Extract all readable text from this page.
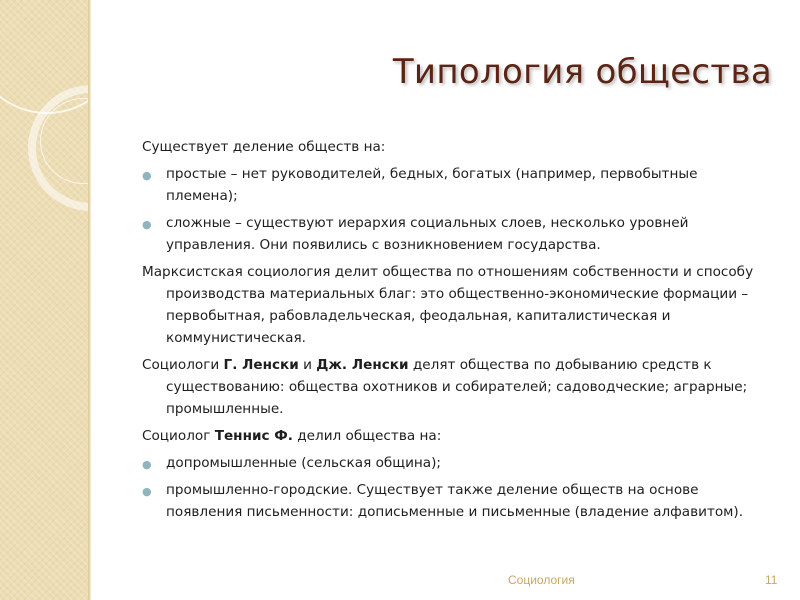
Типология общества

Существует деление обществ на:

● простые – нет руководителей, бедных, богатых (например, первобытные племена);
● сложные – существуют иерархия социальных слоев, несколько уровней управления. Они появились с возникновением государства.

Марксистская социология делит общества по отношениям собственности и способу производства материальных благ: это общественно-экономические формации – первобытная, рабовладельческая, феодальная, капиталистическая и коммунистическая.

Социологи Г. Ленски и Дж. Ленски делят общества по добыванию средств к существованию: общества охотников и собирателей; садоводческие; аграрные; промышленные.

Социолог Теннис Ф. делил общества на:

● допромышленные (сельская община);
● промышленно-городские. Существует также деление обществ на основе появления письменности: дописьменные и письменные (владение алфавитом).
Социология	11
